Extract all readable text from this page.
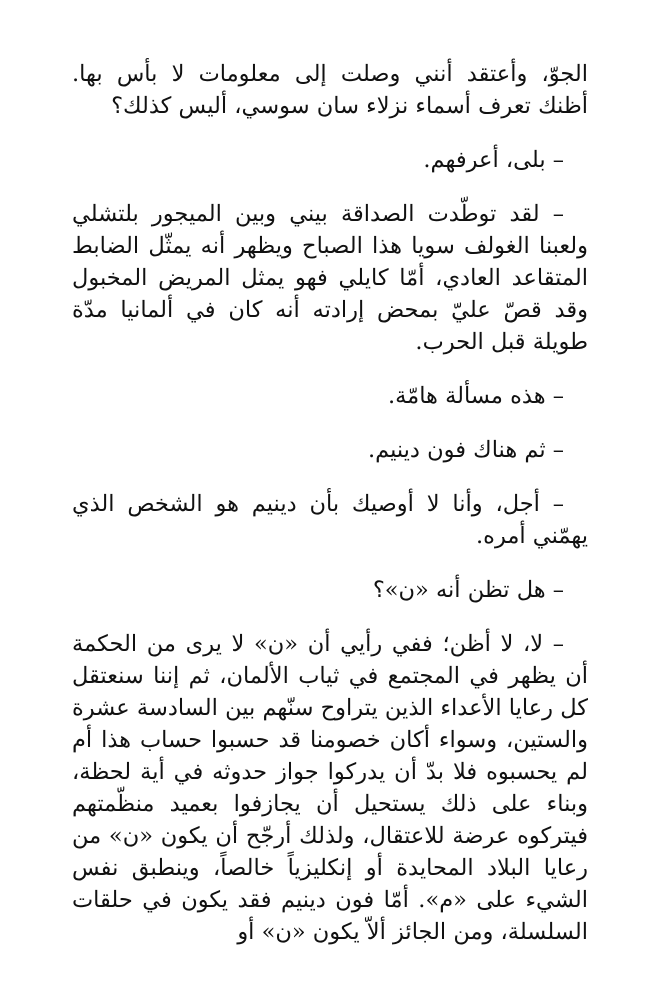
الجوّ، وأعتقد أنني وصلت إلى معلومات لا بأس بها. أظنك تعرف أسماء نزلاء سان سوسي، أليس كذلك؟

– بلى، أعرفهم.

– لقد توطّدت الصداقة بيني وبين الميجور بلتشلي ولعبنا الغولف سويا هذا الصباح ويظهر أنه يمثّل الضابط المتقاعد العادي، أمّا كايلي فهو يمثل المريض المخبول وقد قصّ عليّ بمحض إرادته أنه كان في ألمانيا مدّة طويلة قبل الحرب.

– هذه مسألة هامّة.

– ثم هناك فون دينيم.

– أجل، وأنا لا أوصيك بأن دينيم هو الشخص الذي يهمّني أمره.

– هل تظن أنه «ن»؟

– لا، لا أظن؛ ففي رأيي أن «ن» لا يرى من الحكمة أن يظهر في المجتمع في ثياب الألمان، ثم إننا سنعتقل كل رعايا الأعداء الذين يتراوح سنّهم بين السادسة عشرة والستين، وسواء أكان خصومنا قد حسبوا حساب هذا أم لم يحسبوه فلا بدّ أن يدركوا جواز حدوثه في أية لحظة، وبناء على ذلك يستحيل أن يجازفوا بعميد منظّمتهم فيتركوه عرضة للاعتقال، ولذلك أرجّح أن يكون «ن» من رعايا البلاد المحايدة أو إنكليزياً خالصاً، وينطبق نفس الشيء على «م». أمّا فون دينيم فقد يكون في حلقات السلسلة، ومن الجائز ألاّ يكون «ن» أو
